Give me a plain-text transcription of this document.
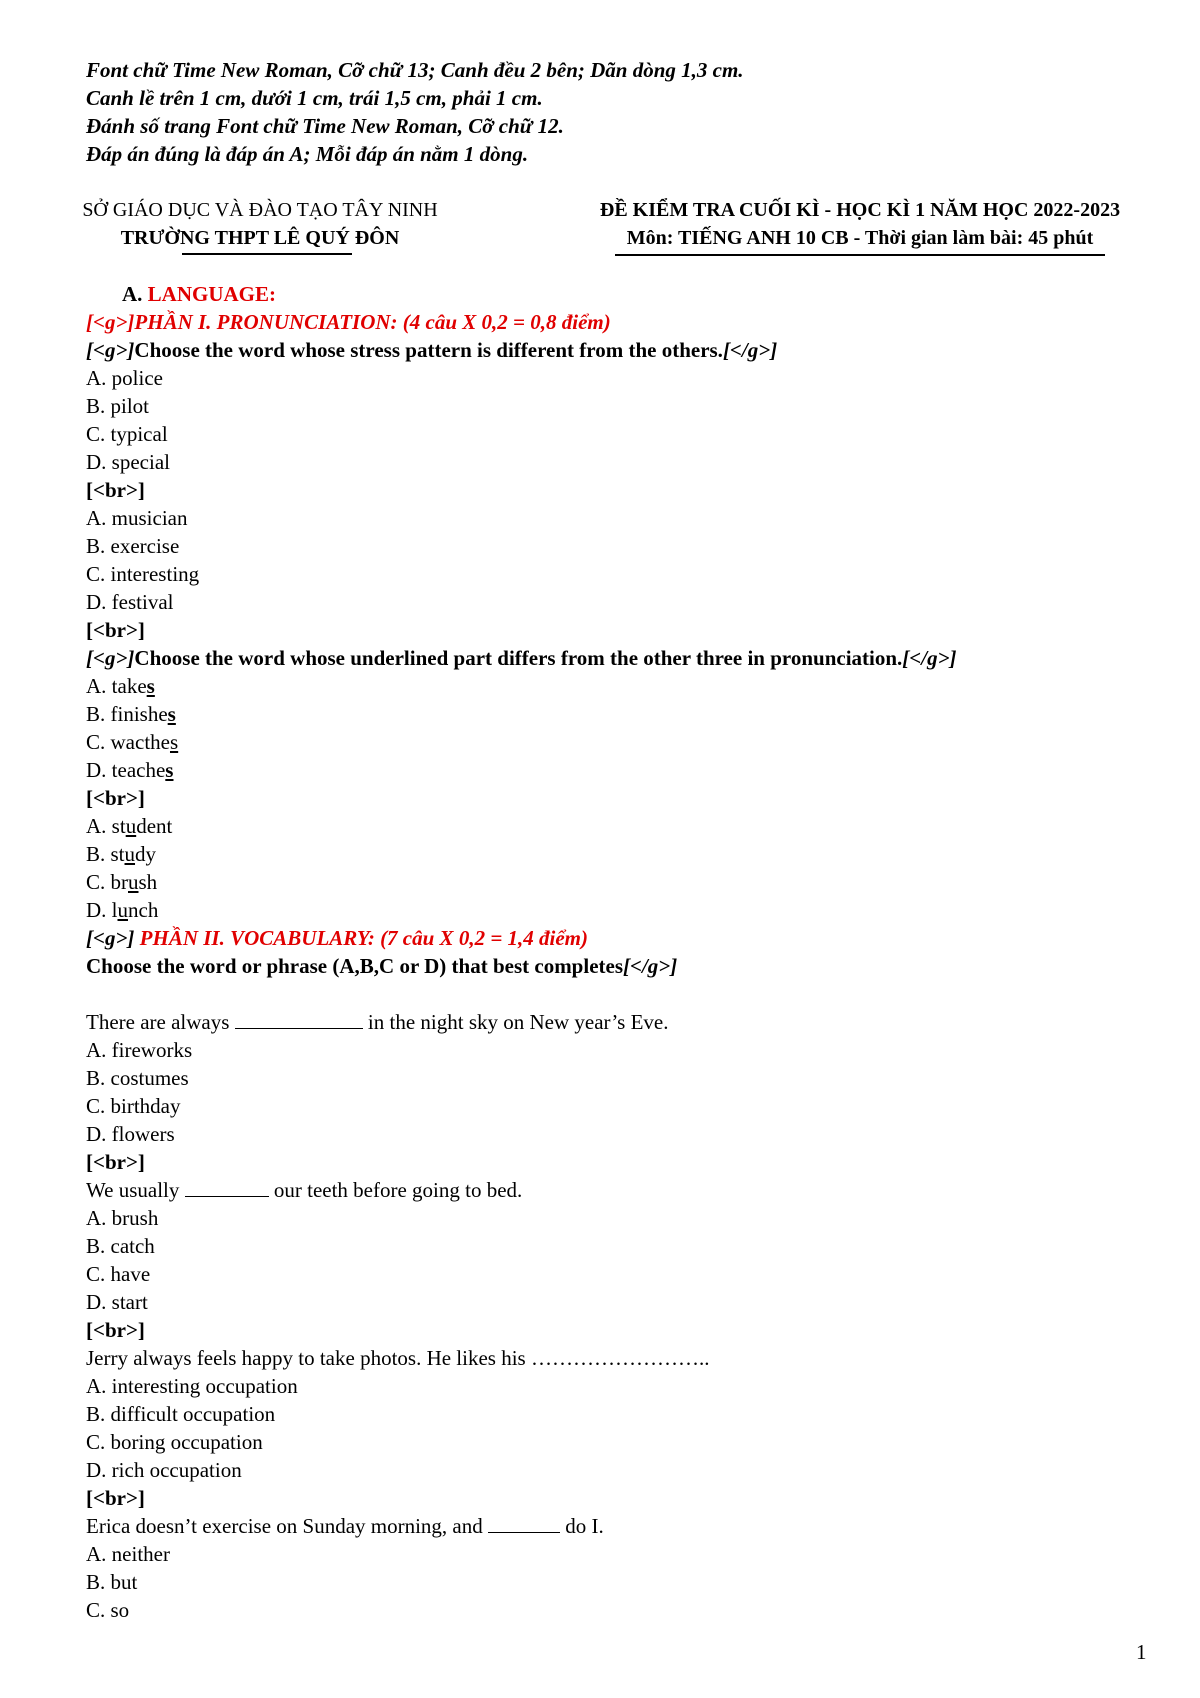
Font chữ Time New Roman, Cỡ chữ 13; Canh đều 2 bên; Dãn dòng 1,3 cm.
Canh lề trên 1 cm, dưới 1 cm, trái 1,5 cm, phải 1 cm.
Đánh số trang Font chữ Time New Roman, Cỡ chữ 12.
Đáp án đúng là đáp án A; Mỗi đáp án nằm 1 dòng.
SỞ GIÁO DỤC VÀ ĐÀO TẠO TÂY NINH
TRƯỜNG THPT LÊ QUÝ ĐÔN
ĐỀ KIỂM TRA CUỐI KÌ - HỌC KÌ 1 NĂM HỌC 2022-2023
Môn: TIẾNG ANH 10 CB - Thời gian làm bài: 45 phút
A. LANGUAGE:
[<g>]PHẦN I. PRONUNCIATION: (4 câu X 0,2 = 0,8 điểm)
[<g>]Choose the word whose stress pattern is different from the others.[</g>]
A. police
B. pilot
C. typical
D. special
[<br>]
A. musician
B. exercise
C. interesting
D. festival
[<br>]
[<g>]Choose the word whose underlined part differs from the other three in pronunciation.[</g>]
A. takes
B. finishes
C. wacthes
D. teaches
[<br>]
A. student
B. study
C. brush
D. lunch
[<g>] PHẦN II. VOCABULARY: (7 câu X 0,2 = 1,4 điểm)
Choose the word or phrase (A,B,C or D) that best completes[</g>]
There are always	in the night sky on New year’s Eve.
A. fireworks
B. costumes
C. birthday
D. flowers
[<br>]
We usually	our teeth before going to bed.
A. brush
B. catch
C. have
D. start
[<br>]
Jerry always feels happy to take photos. He likes his ……………………..
A. interesting occupation
B. difficult occupation
C. boring occupation
D. rich occupation
[<br>]
Erica doesn’t exercise on Sunday morning, and	do I.
A. neither
B. but
C. so
1
